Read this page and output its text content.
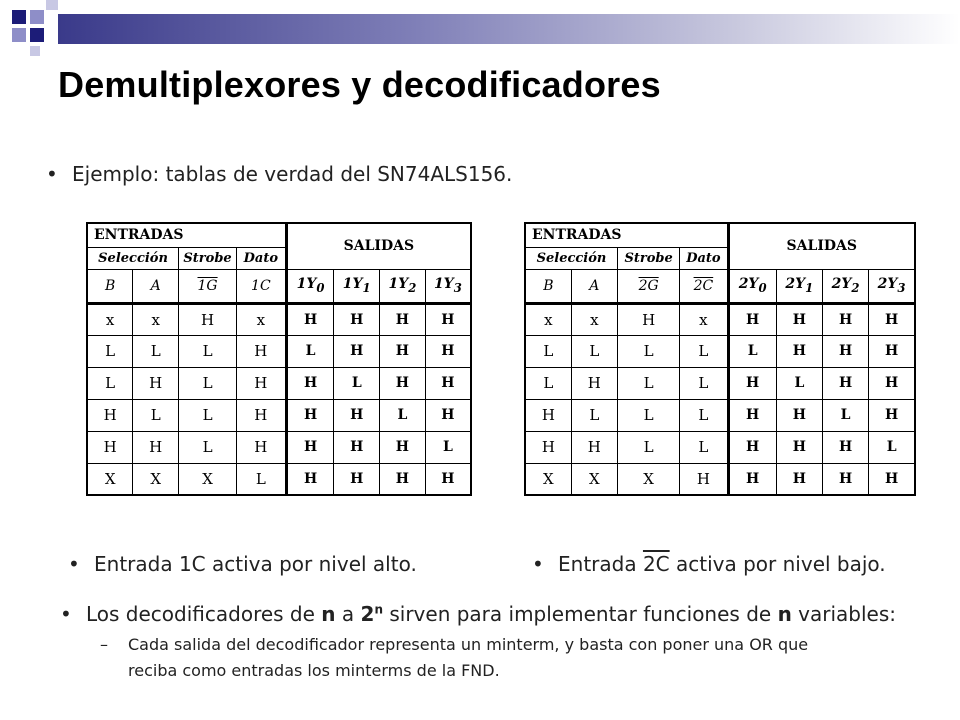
Demultiplexores y decodificadores
• Ejemplo: tablas de verdad del SN74ALS156.
ENTRADAS				SALIDAS			
Selección		Strobe	Dato				
B	A	1G	1C	$1Y_0$	$1Y_1$	$1Y_2$	$1Y_3$
x	x	H	x	H	H	H	H
L	L	L	H	L	H	H	H
L	H	L	H	H	L	H	H
H	L	L	H	H	H	L	H
H	H	L	H	H	H	H	L
X	X	X	L	H	H	H	H
ENTRADAS				SALIDAS			
Selección		Strobe	Dato				
B	A	2G	2C	$2Y_0$	$2Y_1$	$2Y_2$	$2Y_3$
x	x	H	x	H	H	H	H
L	L	L	L	L	H	H	H
L	H	L	L	H	L	H	H
H	L	L	L	H	H	L	H
H	H	L	L	H	H	H	L
X	X	X	H	H	H	H	H
• Entrada 1C activa por nivel alto.	• Entrada 2C activa por nivel bajo.
• Los decodificadores de n a 2$^n$ sirven para implementar funciones de n variables:
– Cada salida del decodificador representa un minterm, y basta con poner una OR que
reciba como entradas los minterms de la FND.
